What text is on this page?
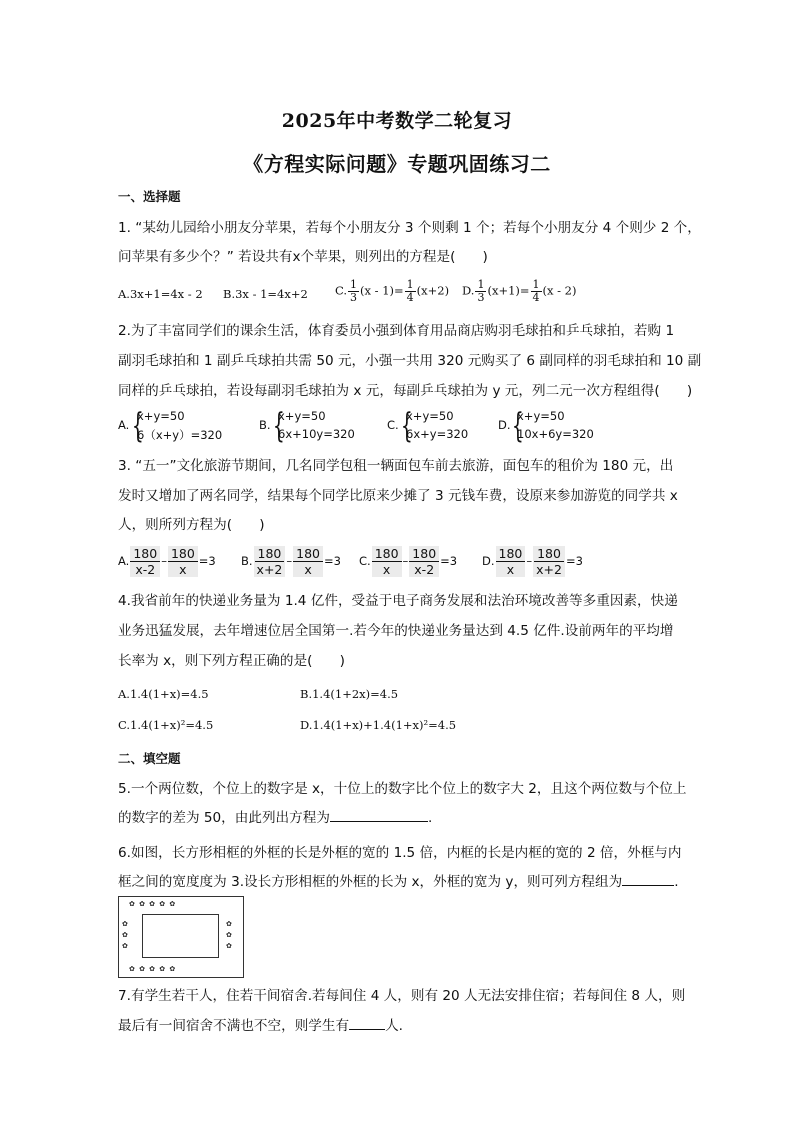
2025年中考数学二轮复习
《方程实际问题》专题巩固练习二
一、选择题
1. “某幼儿园给小朋友分苹果，若每个小朋友分 3 个则剩 1 个；若每个小朋友分 4 个则少 2 个，
问苹果有多少个？” 若设共有x个苹果，则列出的方程是(　　)
A.3x+1=4x - 2 B.3x - 1=4x+2 C. $\frac{1}{3} (x - 1)= \frac{1}{4} (x+2)$ D. $\frac{1}{3} (x+1)= \frac{1}{4} (x - 2)$
2.为了丰富同学们的课余生活，体育委员小强到体育用品商店购羽毛球拍和乒乓球拍，若购 1
副羽毛球拍和 1 副乒乓球拍共需 50 元，小强一共用 320 元购买了 6 副同样的羽毛球拍和 10 副
同样的乒乓球拍，若设每副羽毛球拍为 x 元，每副乒乓球拍为 y 元，列二元一次方程组得(　　)
A. {
x+y=50
6（x+y）=320
B. {
x+y=50
6x+10y=320
C. {
x+y=50
6x+y=320
D. {
x+y=50
10x+6y=320
3. “五一”文化旅游节期间，几名同学包租一辆面包车前去旅游，面包车的租价为 180 元，出
发时又增加了两名同学，结果每个同学比原来少摊了 3 元钱车费，设原来参加游览的同学共 x
人，则所列方程为(　　)
A. $\frac{180}{x-2} - \frac{180}{x} =3$ B. $\frac{180}{x+2} - \frac{180}{x} =3$ C. $\frac{180}{x} - \frac{180}{x-2} =3$ D. $\frac{180}{x} - \frac{180}{x+2} =3$
4.我省前年的快递业务量为 1.4 亿件，受益于电子商务发展和法治环境改善等多重因素，快递
业务迅猛发展，去年增速位居全国第一.若今年的快递业务量达到 4.5 亿件.设前两年的平均增
长率为 x，则下列方程正确的是(　　)
A.1.4(1+x)=4.5	B.1.4(1+2x)=4.5
C.1.4(1+x)²=4.5	D.1.4(1+x)+1.4(1+x)²=4.5
二、填空题
5.一个两位数，个位上的数字是 x，十位上的数字比个位上的数字大 2，且这个两位数与个位上
的数字的差为 50，由此列出方程为	.
6.如图，长方形相框的外框的长是外框的宽的 1.5 倍，内框的长是内框的宽的 2 倍，外框与内
框之间的宽度度为 3.设长方形相框的外框的长为 x，外框的宽为 y，则可列方程组为	.
✿ ✿ ✿ ✿ ✿
✿ ✿ ✿ ✿ ✿
✿ ✿ ✿
✿ ✿ ✿
7.有学生若干人，住若干间宿舍.若每间住 4 人，则有 20 人无法安排住宿；若每间住 8 人，则
最后有一间宿舍不满也不空，则学生有	人.
